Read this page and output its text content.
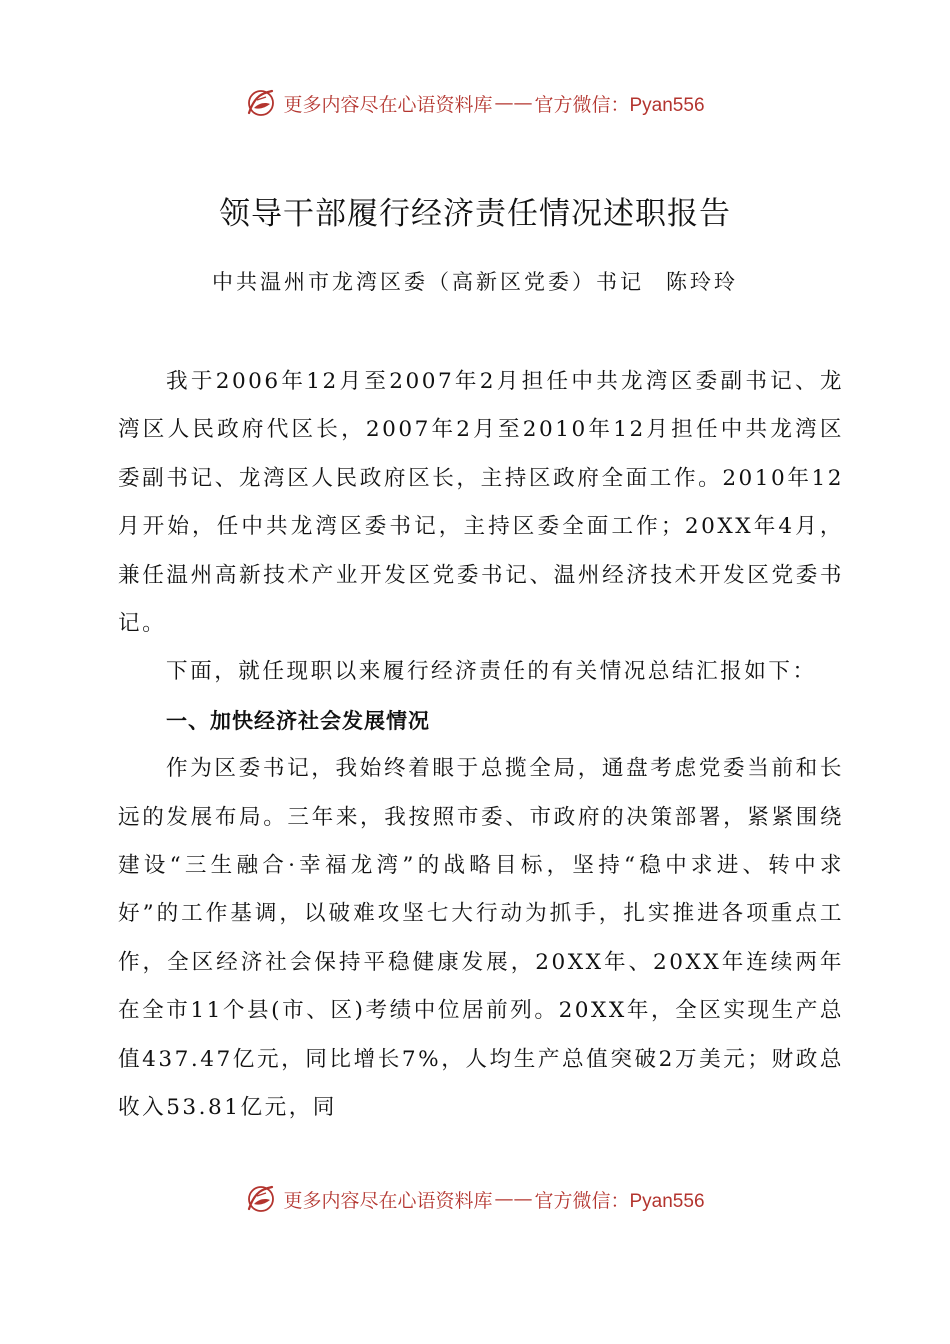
更多内容尽在心语资料库 —— 官方微信：Pyan556
领导干部履行经济责任情况述职报告
中共温州市龙湾区委（高新区党委）书记 陈玲玲

我于2006年12月至2007年2月担任中共龙湾区委副书记、龙湾区人民政府代区长，2007年2月至2010年12月担任中共龙湾区委副书记、龙湾区人民政府区长，主持区政府全面工作。2010年12月开始，任中共龙湾区委书记，主持区委全面工作；20XX年4月，兼任温州高新技术产业开发区党委书记、温州经济技术开发区党委书记。

下面，就任现职以来履行经济责任的有关情况总结汇报如下：

一、加快经济社会发展情况

作为区委书记，我始终着眼于总揽全局，通盘考虑党委当前和长远的发展布局。三年来，我按照市委、市政府的决策部署，紧紧围绕建设“三生融合·幸福龙湾”的战略目标，坚持“稳中求进、转中求好”的工作基调，以破难攻坚七大行动为抓手，扎实推进各项重点工作，全区经济社会保持平稳健康发展，20XX年、20XX年连续两年在全市11个县(市、区)考绩中位居前列。20XX年，全区实现生产总值437.47亿元，同比增长7%，人均生产总值突破2万美元；财政总收入53.81亿元，同

更多内容尽在心语资料库 —— 官方微信：Pyan556
